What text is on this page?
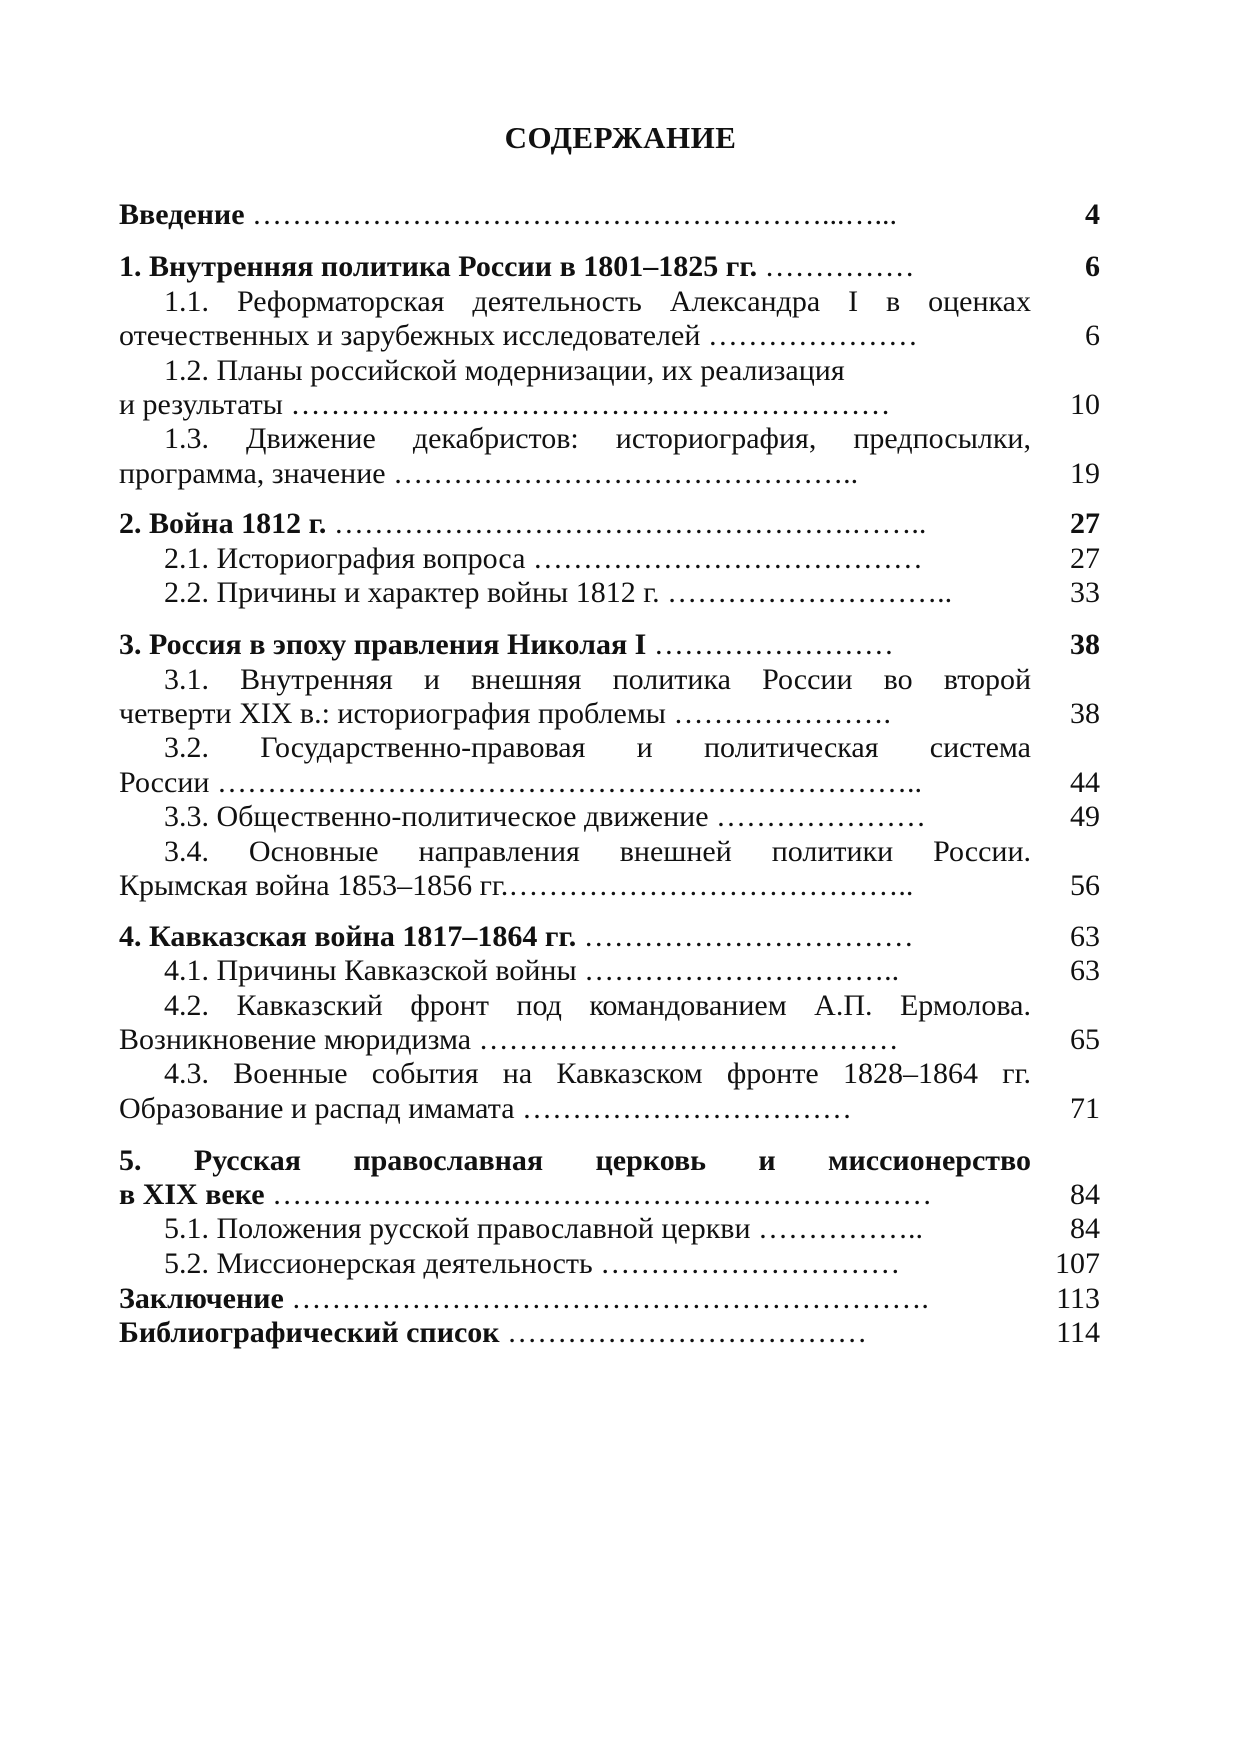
СОДЕРЖАНИЕ
Введение …………………………………………………...…...	4
1. Внутренняя политика России в 1801–1825 гг. ……………	6
1.1. Реформаторская деятельность Александра I в оценках
отечественных и зарубежных исследователей …………………	6
1.2. Планы российской модернизации, их реализация
и результаты ……………………………………………………	10
1.3. Движение декабристов: историография, предпосылки,
программа, значение ………………………………………..	19
2. Война 1812 г. …………………………………………….……..	27
2.1. Историография вопроса …………………………………	27
2.2. Причины и характер войны 1812 г. ………………………..	33
3. Россия в эпоху правления Николая I ……………………	38
3.1. Внутренняя и внешняя политика России во второй
четверти XIX в.: историография проблемы ………………….	38
3.2. Государственно-правовая и политическая система
России ……………………………………………………………..	44
3.3. Общественно-политическое движение …………………	49
3.4. Основные направления внешней политики России.
Крымская война 1853–1856 гг.…………………………………..	56
4. Кавказская война 1817–1864 гг. ……………………………	63
4.1. Причины Кавказской войны …………………………..	63
4.2. Кавказский фронт под командованием А.П. Ермолова.
Возникновение мюридизма ……………………………………	65
4.3. Военные события на Кавказском фронте 1828–1864 гг.
Образование и распад имамата ……………………………	71
5. Русская православная церковь и миссионерство
в XIX веке …………………………………………………………	84
5.1. Положения русской православной церкви ……………..	84
5.2. Миссионерская деятельность …………………………	107
Заключение ……………………………………………………….	113
Библиографический список ………………………………	114
